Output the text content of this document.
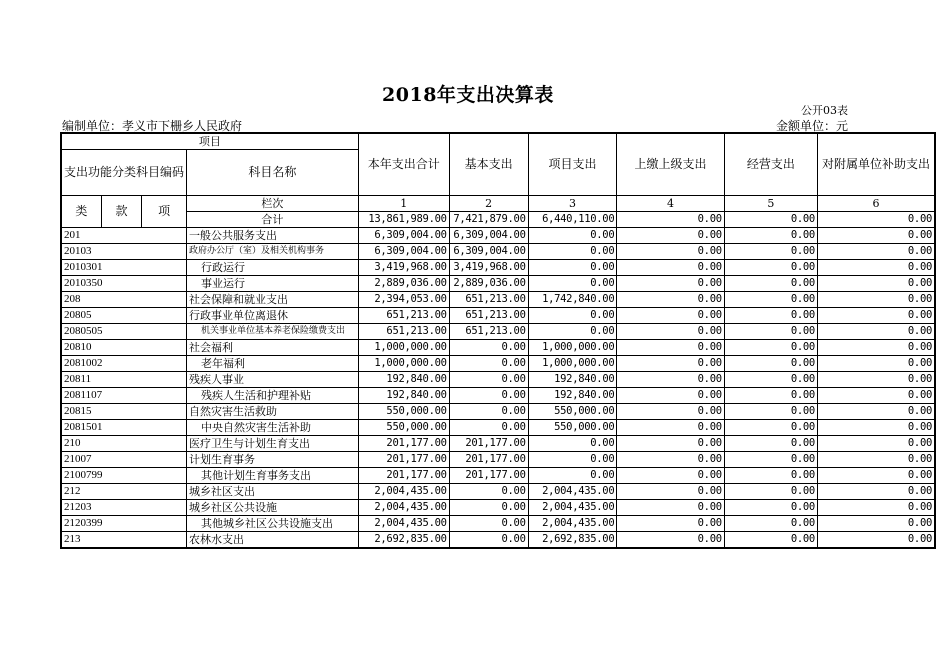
2018年支出决算表
公开03表
编制单位：孝义市下栅乡人民政府	金额单位：元
项目				本年支出合计	基本支出	项目支出	上缴上级支出	经营支出	对附属单位补助支出
支出功能分类科目编码			科目名称						

类	款	项	栏次	1	2	3	4	5	6
			合计	13,861,989.00	7,421,879.00	6,440,110.00	0.00	0.00	0.00
201			一般公共服务支出	6,309,004.00	6,309,004.00	0.00	0.00	0.00	0.00
20103			政府办公厅（室）及相关机构事务	6,309,004.00	6,309,004.00	0.00	0.00	0.00	0.00
2010301			行政运行	3,419,968.00	3,419,968.00	0.00	0.00	0.00	0.00
2010350			事业运行	2,889,036.00	2,889,036.00	0.00	0.00	0.00	0.00
208			社会保障和就业支出	2,394,053.00	651,213.00	1,742,840.00	0.00	0.00	0.00
20805			行政事业单位离退休	651,213.00	651,213.00	0.00	0.00	0.00	0.00
2080505			机关事业单位基本养老保险缴费支出	651,213.00	651,213.00	0.00	0.00	0.00	0.00
20810			社会福利	1,000,000.00	0.00	1,000,000.00	0.00	0.00	0.00
2081002			老年福利	1,000,000.00	0.00	1,000,000.00	0.00	0.00	0.00
20811			残疾人事业	192,840.00	0.00	192,840.00	0.00	0.00	0.00
2081107			残疾人生活和护理补贴	192,840.00	0.00	192,840.00	0.00	0.00	0.00
20815			自然灾害生活救助	550,000.00	0.00	550,000.00	0.00	0.00	0.00
2081501			中央自然灾害生活补助	550,000.00	0.00	550,000.00	0.00	0.00	0.00
210			医疗卫生与计划生育支出	201,177.00	201,177.00	0.00	0.00	0.00	0.00
21007			计划生育事务	201,177.00	201,177.00	0.00	0.00	0.00	0.00
2100799			其他计划生育事务支出	201,177.00	201,177.00	0.00	0.00	0.00	0.00
212			城乡社区支出	2,004,435.00	0.00	2,004,435.00	0.00	0.00	0.00
21203			城乡社区公共设施	2,004,435.00	0.00	2,004,435.00	0.00	0.00	0.00
2120399			其他城乡社区公共设施支出	2,004,435.00	0.00	2,004,435.00	0.00	0.00	0.00
213			农林水支出	2,692,835.00	0.00	2,692,835.00	0.00	0.00	0.00
